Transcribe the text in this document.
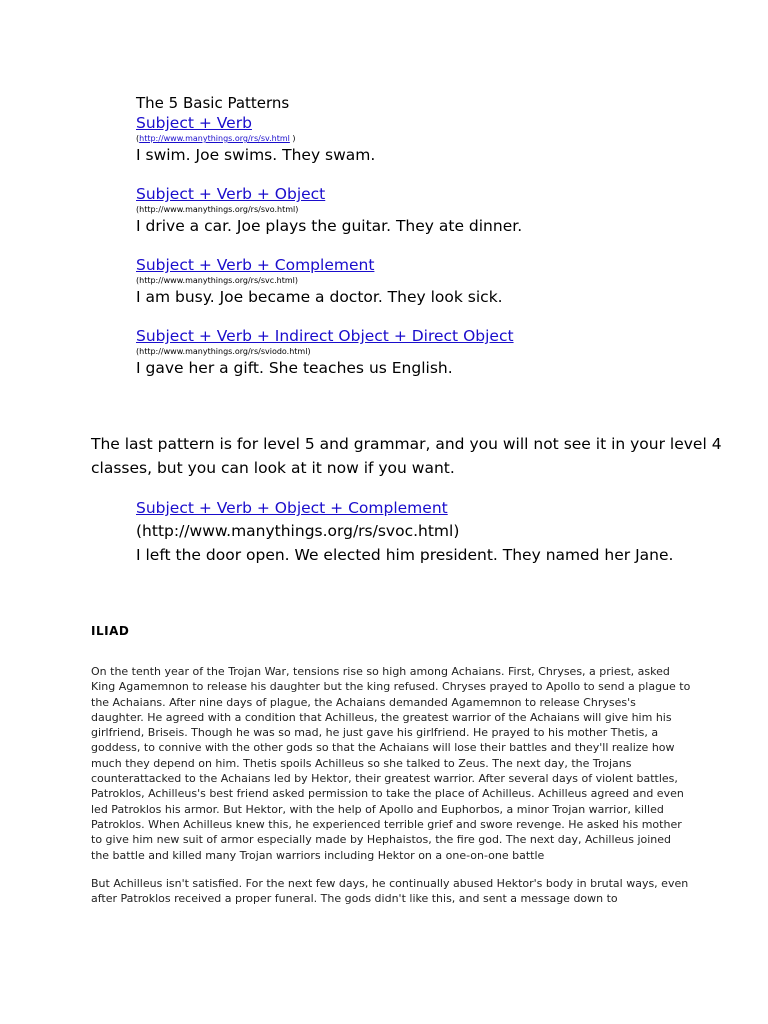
The 5 Basic Patterns

Subject + Verb
(http://www.manythings.org/rs/sv.html )
I swim. Joe swims. They swam.
Subject + Verb + Object
(http://www.manythings.org/rs/svo.html)
I drive a car. Joe plays the guitar. They ate dinner.
Subject + Verb + Complement
(http://www.manythings.org/rs/svc.html)
I am busy. Joe became a doctor. They look sick.
Subject + Verb + Indirect Object + Direct Object
(http://www.manythings.org/rs/sviodo.html)
I gave her a gift. She teaches us English.

The last pattern is for level 5 and grammar, and you will not see it in your level 4 classes, but you can look at it now if you want.

Subject + Verb + Object + Complement
(http://www.manythings.org/rs/svoc.html)
I left the door open. We elected him president. They named her Jane.
ILIAD

On the tenth year of the Trojan War, tensions rise so high among Achaians. First, Chryses, a priest, asked King Agamemnon to release his daughter but the king refused. Chryses prayed to Apollo to send a plague to the Achaians. After nine days of plague, the Achaians demanded Agamemnon to release Chryses's daughter. He agreed with a condition that Achilleus, the greatest warrior of the Achaians will give him his girlfriend, Briseis. Though he was so mad, he just gave his girlfriend. He prayed to his mother Thetis, a goddess, to connive with the other gods so that the Achaians will lose their battles and they'll realize how much they depend on him. Thetis spoils Achilleus so she talked to Zeus. The next day, the Trojans counterattacked to the Achaians led by Hektor, their greatest warrior. After several days of violent battles, Patroklos, Achilleus's best friend asked permission to take the place of Achilleus. Achilleus agreed and even led Patroklos his armor. But Hektor, with the help of Apollo and Euphorbos, a minor Trojan warrior, killed Patroklos. When Achilleus knew this, he experienced terrible grief and swore revenge. He asked his mother to give him new suit of armor especially made by Hephaistos, the fire god. The next day, Achilleus joined the battle and killed many Trojan warriors including Hektor on a one-on-one battle

But Achilleus isn't satisfied. For the next few days, he continually abused Hektor's body in brutal ways, even after Patroklos received a proper funeral. The gods didn't like this, and sent a message down to
